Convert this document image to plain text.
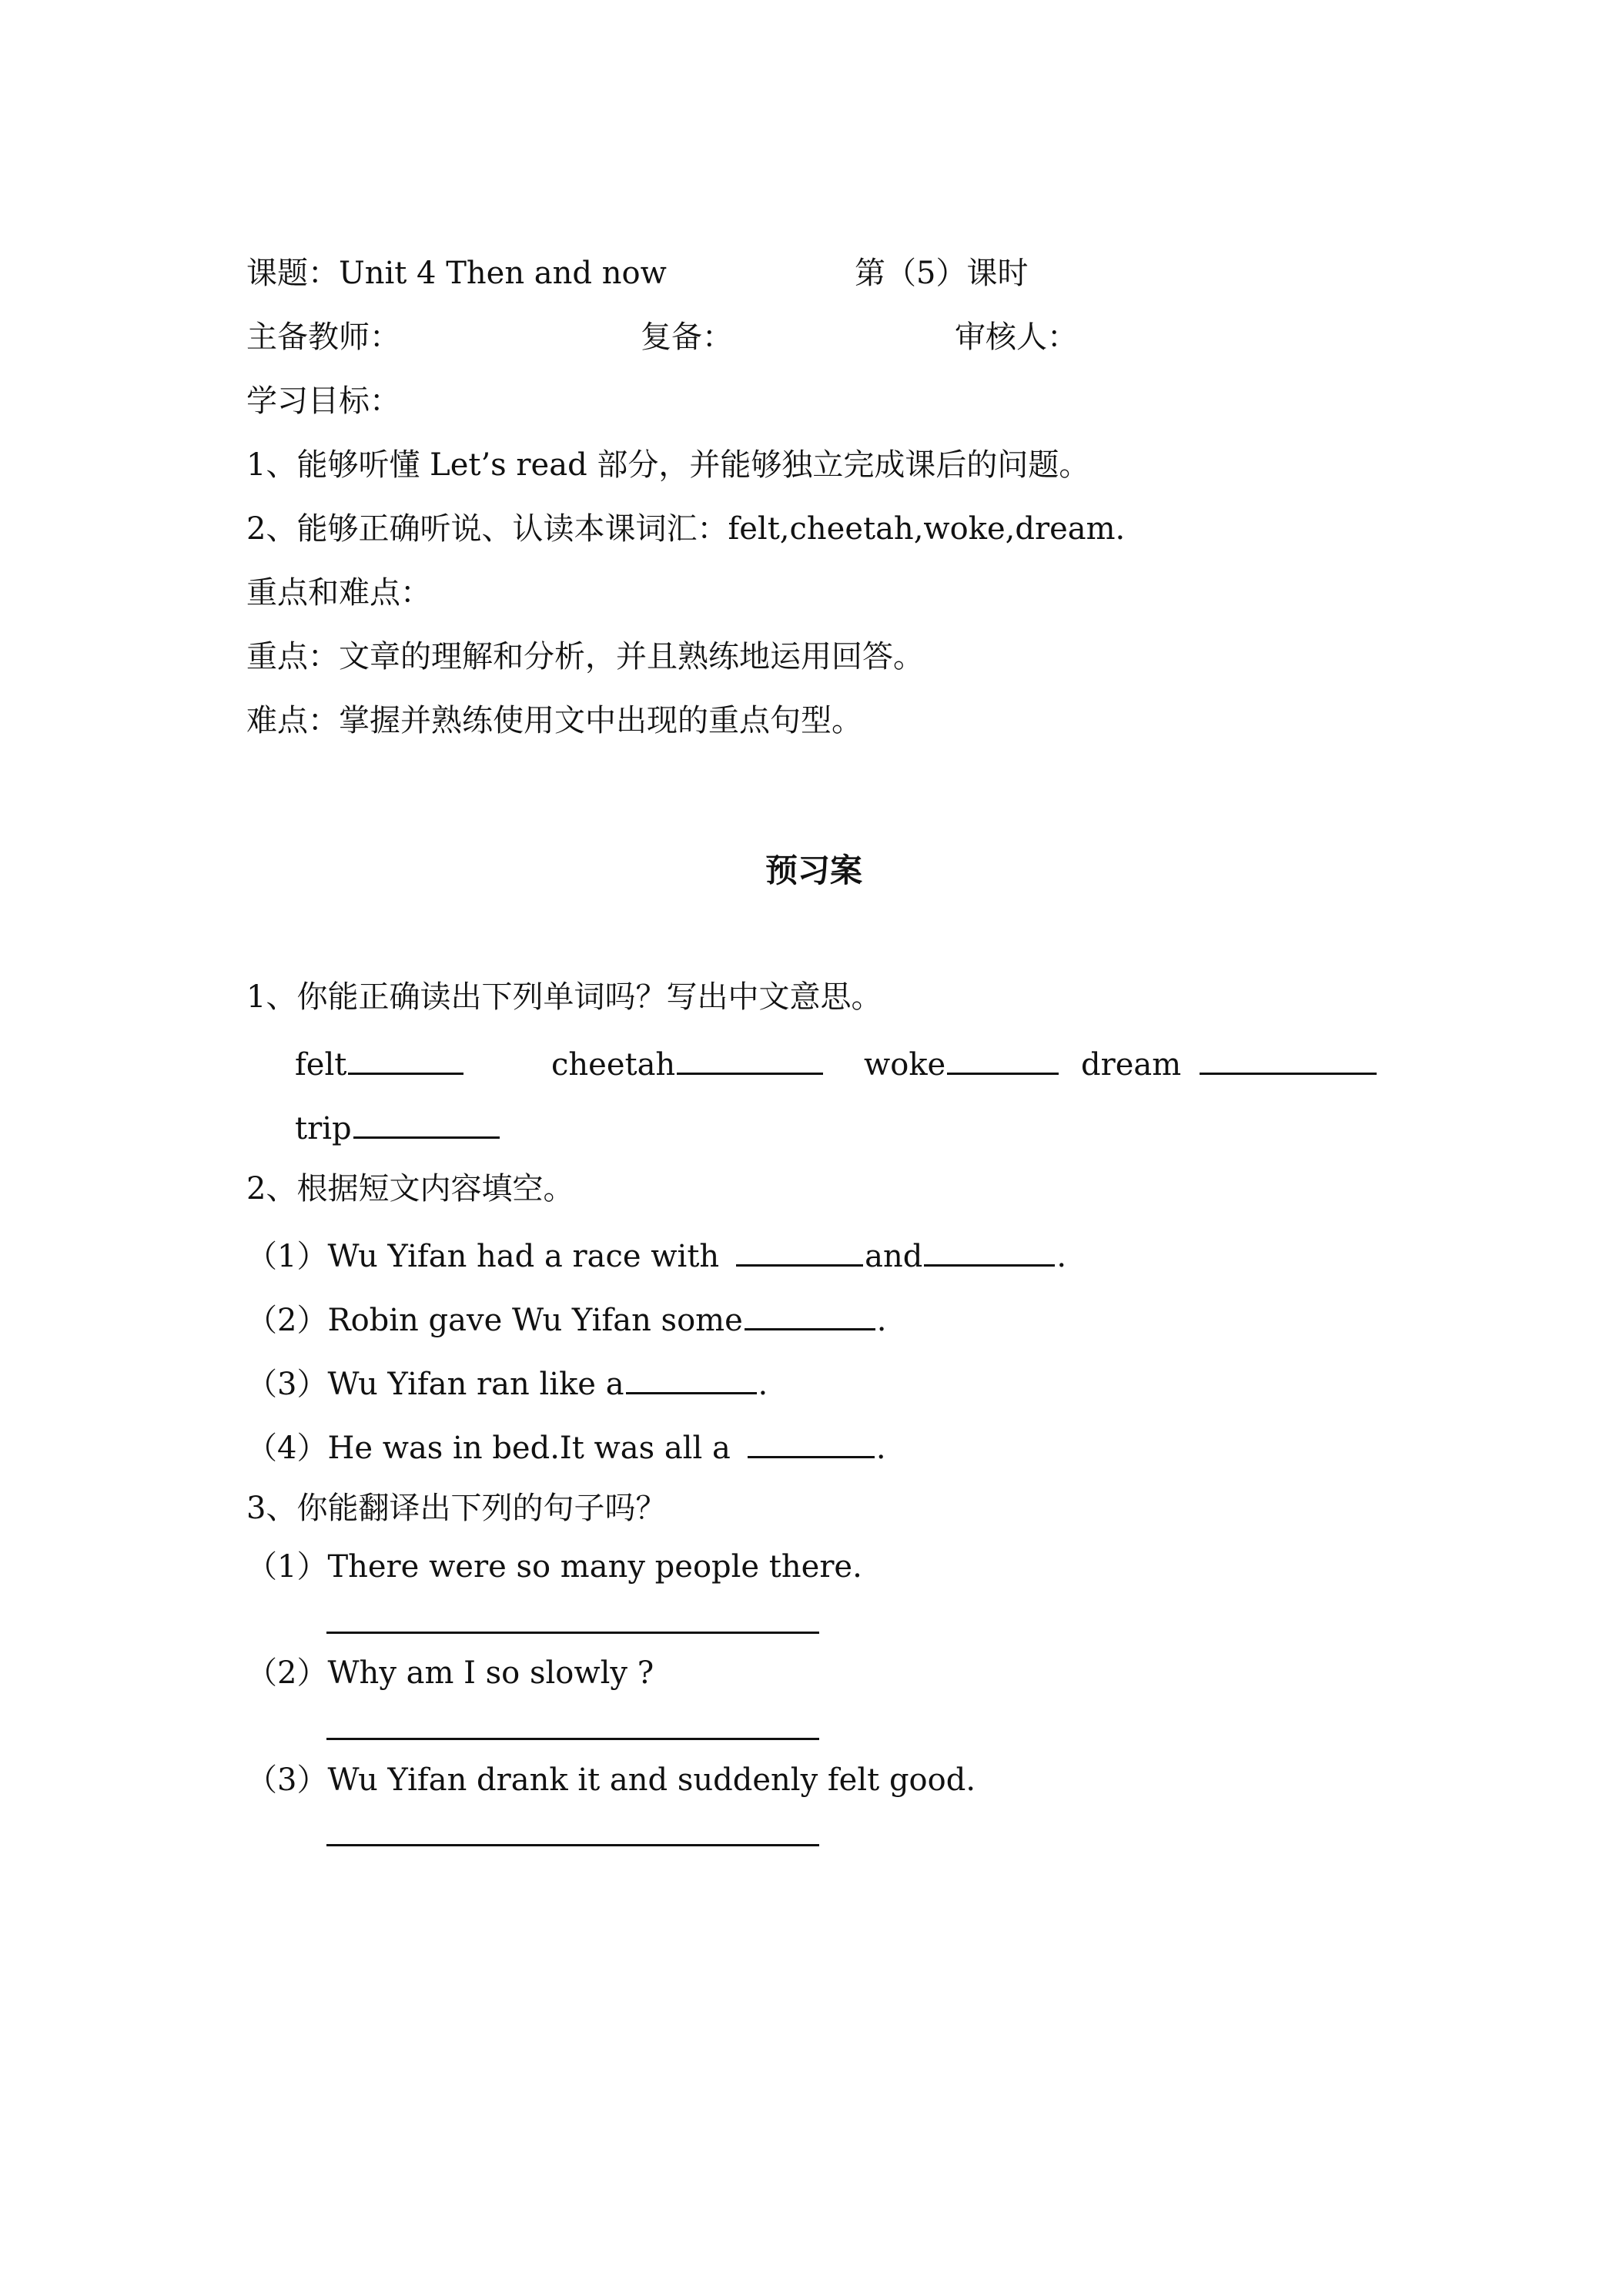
课题：Unit 4 Then and now	第（5）课时
主备教师：	复备：	审核人：
学习目标：
1、能够听懂 Let’s read 部分，并能够独立完成课后的问题。
2、能够正确听说、认读本课词汇：felt,cheetah,woke,dream.
重点和难点：
重点：文章的理解和分析，并且熟练地运用回答。
难点：掌握并熟练使用文中出现的重点句型。
预习案
1、你能正确读出下列单词吗？写出中文意思。
felt	cheetah	woke	dream
trip
2、根据短文内容填空。
（1）Wu Yifan had a race with	and	.
（2）Robin gave Wu Yifan some	.
（3）Wu Yifan ran like a	.
（4）He was in bed.It was all a	.
3、你能翻译出下列的句子吗？
（1）There were so many people there.
（2）Why am I so slowly ?
（3）Wu Yifan drank it and suddenly felt good.
